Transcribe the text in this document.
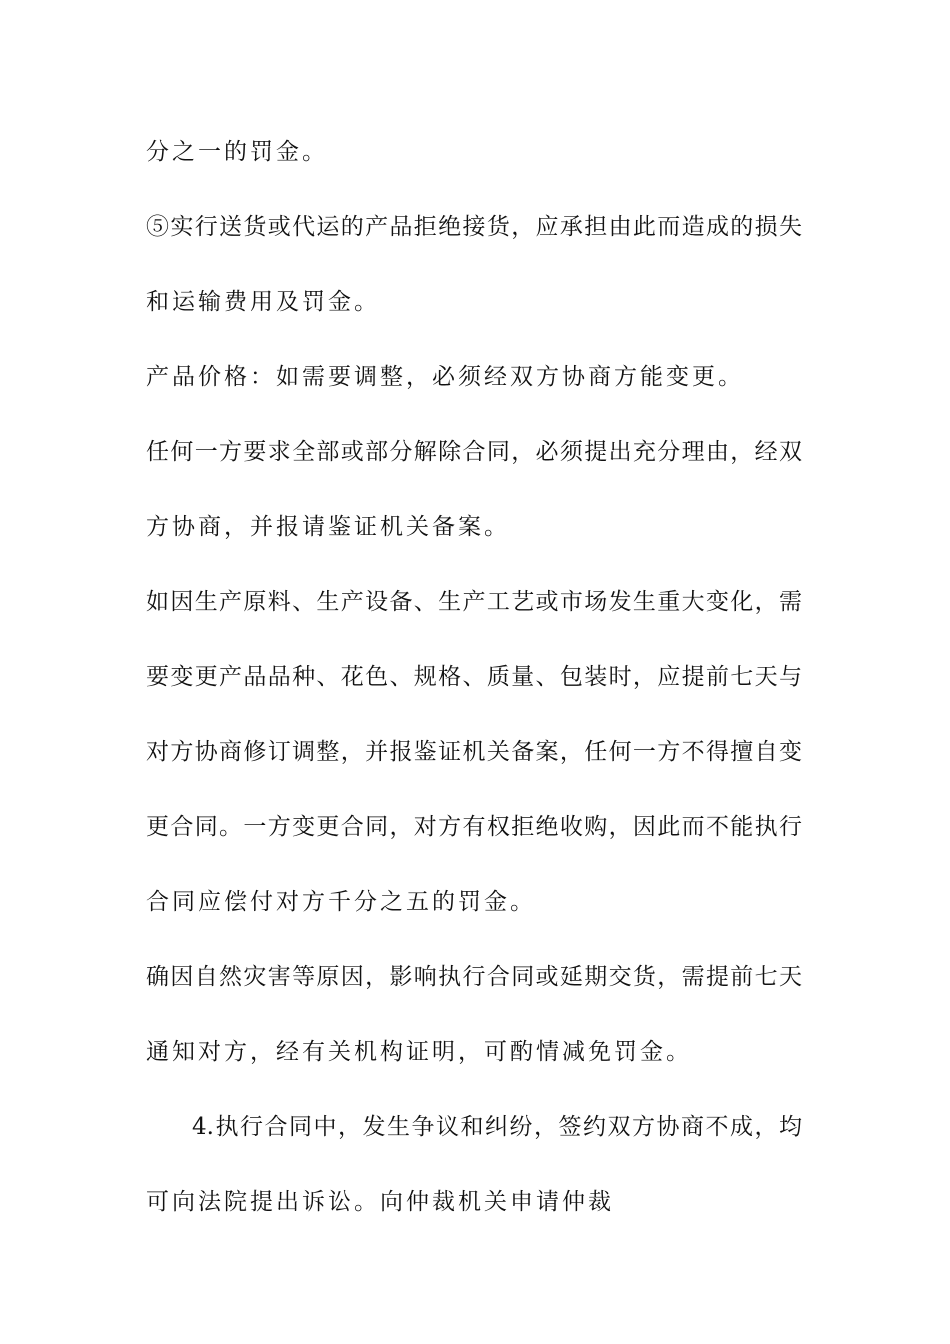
分之一的罚金。
⑤实行送货或代运的产品拒绝接货，应承担由此而造成的损失
和运输费用及罚金。
产品价格：如需要调整，必须经双方协商方能变更。
任何一方要求全部或部分解除合同，必须提出充分理由，经双
方协商，并报请鉴证机关备案。
如因生产原料、生产设备、生产工艺或市场发生重大变化，需
要变更产品品种、花色、规格、质量、包装时，应提前七天与
对方协商修订调整，并报鉴证机关备案，任何一方不得擅自变
更合同。一方变更合同，对方有权拒绝收购，因此而不能执行
合同应偿付对方千分之五的罚金。
确因自然灾害等原因，影响执行合同或延期交货，需提前七天
通知对方，经有关机构证明，可酌情减免罚金。
4.执行合同中，发生争议和纠纷，签约双方协商不成，均
可向法院提出诉讼。向仲裁机关申请仲裁
